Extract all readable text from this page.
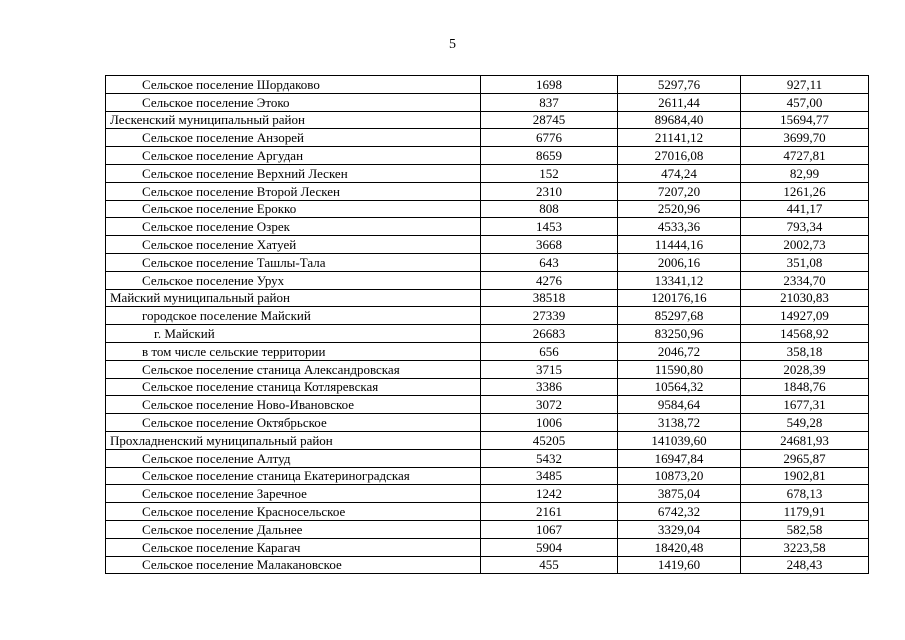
5
Сельское поселение Шордаково	1698	5297,76	927,11
Сельское поселение Этоко	837	2611,44	457,00
Лескенский муниципальный район	28745	89684,40	15694,77
Сельское поселение Анзорей	6776	21141,12	3699,70
Сельское поселение Аргудан	8659	27016,08	4727,81
Сельское поселение Верхний Лескен	152	474,24	82,99
Сельское поселение Второй Лескен	2310	7207,20	1261,26
Сельское поселение Ерокко	808	2520,96	441,17
Сельское поселение Озрек	1453	4533,36	793,34
Сельское поселение Хатуей	3668	11444,16	2002,73
Сельское поселение Ташлы-Тала	643	2006,16	351,08
Сельское поселение Урух	4276	13341,12	2334,70
Майский муниципальный район	38518	120176,16	21030,83
городское поселение Майский	27339	85297,68	14927,09
г. Майский	26683	83250,96	14568,92
в том числе сельские территории	656	2046,72	358,18
Сельское поселение станица Александровская	3715	11590,80	2028,39
Сельское поселение станица Котляревская	3386	10564,32	1848,76
Сельское поселение Ново-Ивановское	3072	9584,64	1677,31
Сельское поселение Октябрьское	1006	3138,72	549,28
Прохладненский муниципальный район	45205	141039,60	24681,93
Сельское поселение Алтуд	5432	16947,84	2965,87
Сельское поселение станица Екатериноградская	3485	10873,20	1902,81
Сельское поселение Заречное	1242	3875,04	678,13
Сельское поселение Красносельское	2161	6742,32	1179,91
Сельское поселение Дальнее	1067	3329,04	582,58
Сельское поселение Карагач	5904	18420,48	3223,58
Сельское поселение Малакановское	455	1419,60	248,43
